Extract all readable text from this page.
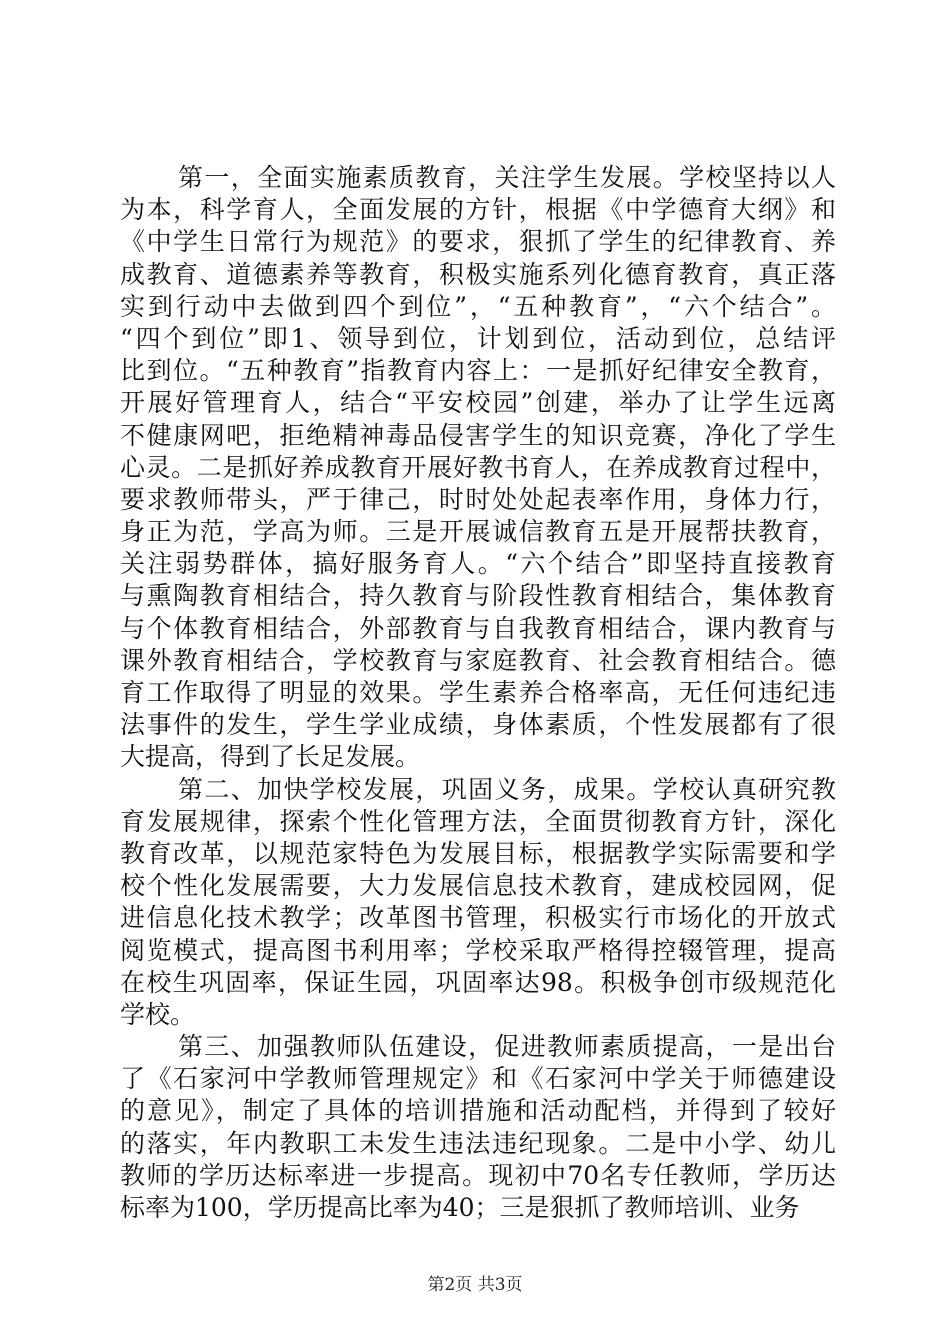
第一，全面实施素质教育，关注学生发展。学校坚持以人
为本，科学育人，全面发展的方针，根据《中学德育大纲》和
《中学生日常行为规范》的要求，狠抓了学生的纪律教育、养
成教育、道德素养等教育，积极实施系列化德育教育，真正落
实到行动中去做到四个到位”，“五种教育”，“六个结合”。
“四个到位”即1、领导到位，计划到位，活动到位，总结评
比到位。“五种教育”指教育内容上：一是抓好纪律安全教育，
开展好管理育人，结合“平安校园”创建，举办了让学生远离
不健康网吧，拒绝精神毒品侵害学生的知识竞赛，净化了学生
心灵。二是抓好养成教育开展好教书育人，在养成教育过程中，
要求教师带头，严于律己，时时处处起表率作用，身体力行，
身正为范，学高为师。三是开展诚信教育五是开展帮扶教育，
关注弱势群体，搞好服务育人。“六个结合”即坚持直接教育
与熏陶教育相结合，持久教育与阶段性教育相结合，集体教育
与个体教育相结合，外部教育与自我教育相结合，课内教育与
课外教育相结合，学校教育与家庭教育、社会教育相结合。德
育工作取得了明显的效果。学生素养合格率高，无任何违纪违
法事件的发生，学生学业成绩，身体素质，个性发展都有了很
大提高，得到了长足发展。
第二、加快学校发展，巩固义务，成果。学校认真研究教
育发展规律，探索个性化管理方法，全面贯彻教育方针，深化
教育改革，以规范家特色为发展目标，根据教学实际需要和学
校个性化发展需要，大力发展信息技术教育，建成校园网，促
进信息化技术教学；改革图书管理，积极实行市场化的开放式
阅览模式，提高图书利用率；学校采取严格得控辍管理，提高
在校生巩固率，保证生园，巩固率达98。积极争创市级规范化
学校。
第三、加强教师队伍建设，促进教师素质提高，一是出台
了《石家河中学教师管理规定》和《石家河中学关于师德建设
的意见》，制定了具体的培训措施和活动配档，并得到了较好
的落实，年内教职工未发生违法违纪现象。二是中小学、幼儿
教师的学历达标率进一步提高。现初中70名专任教师，学历达
标率为100，学历提高比率为40；三是狠抓了教师培训、业务
第2页 共3页
